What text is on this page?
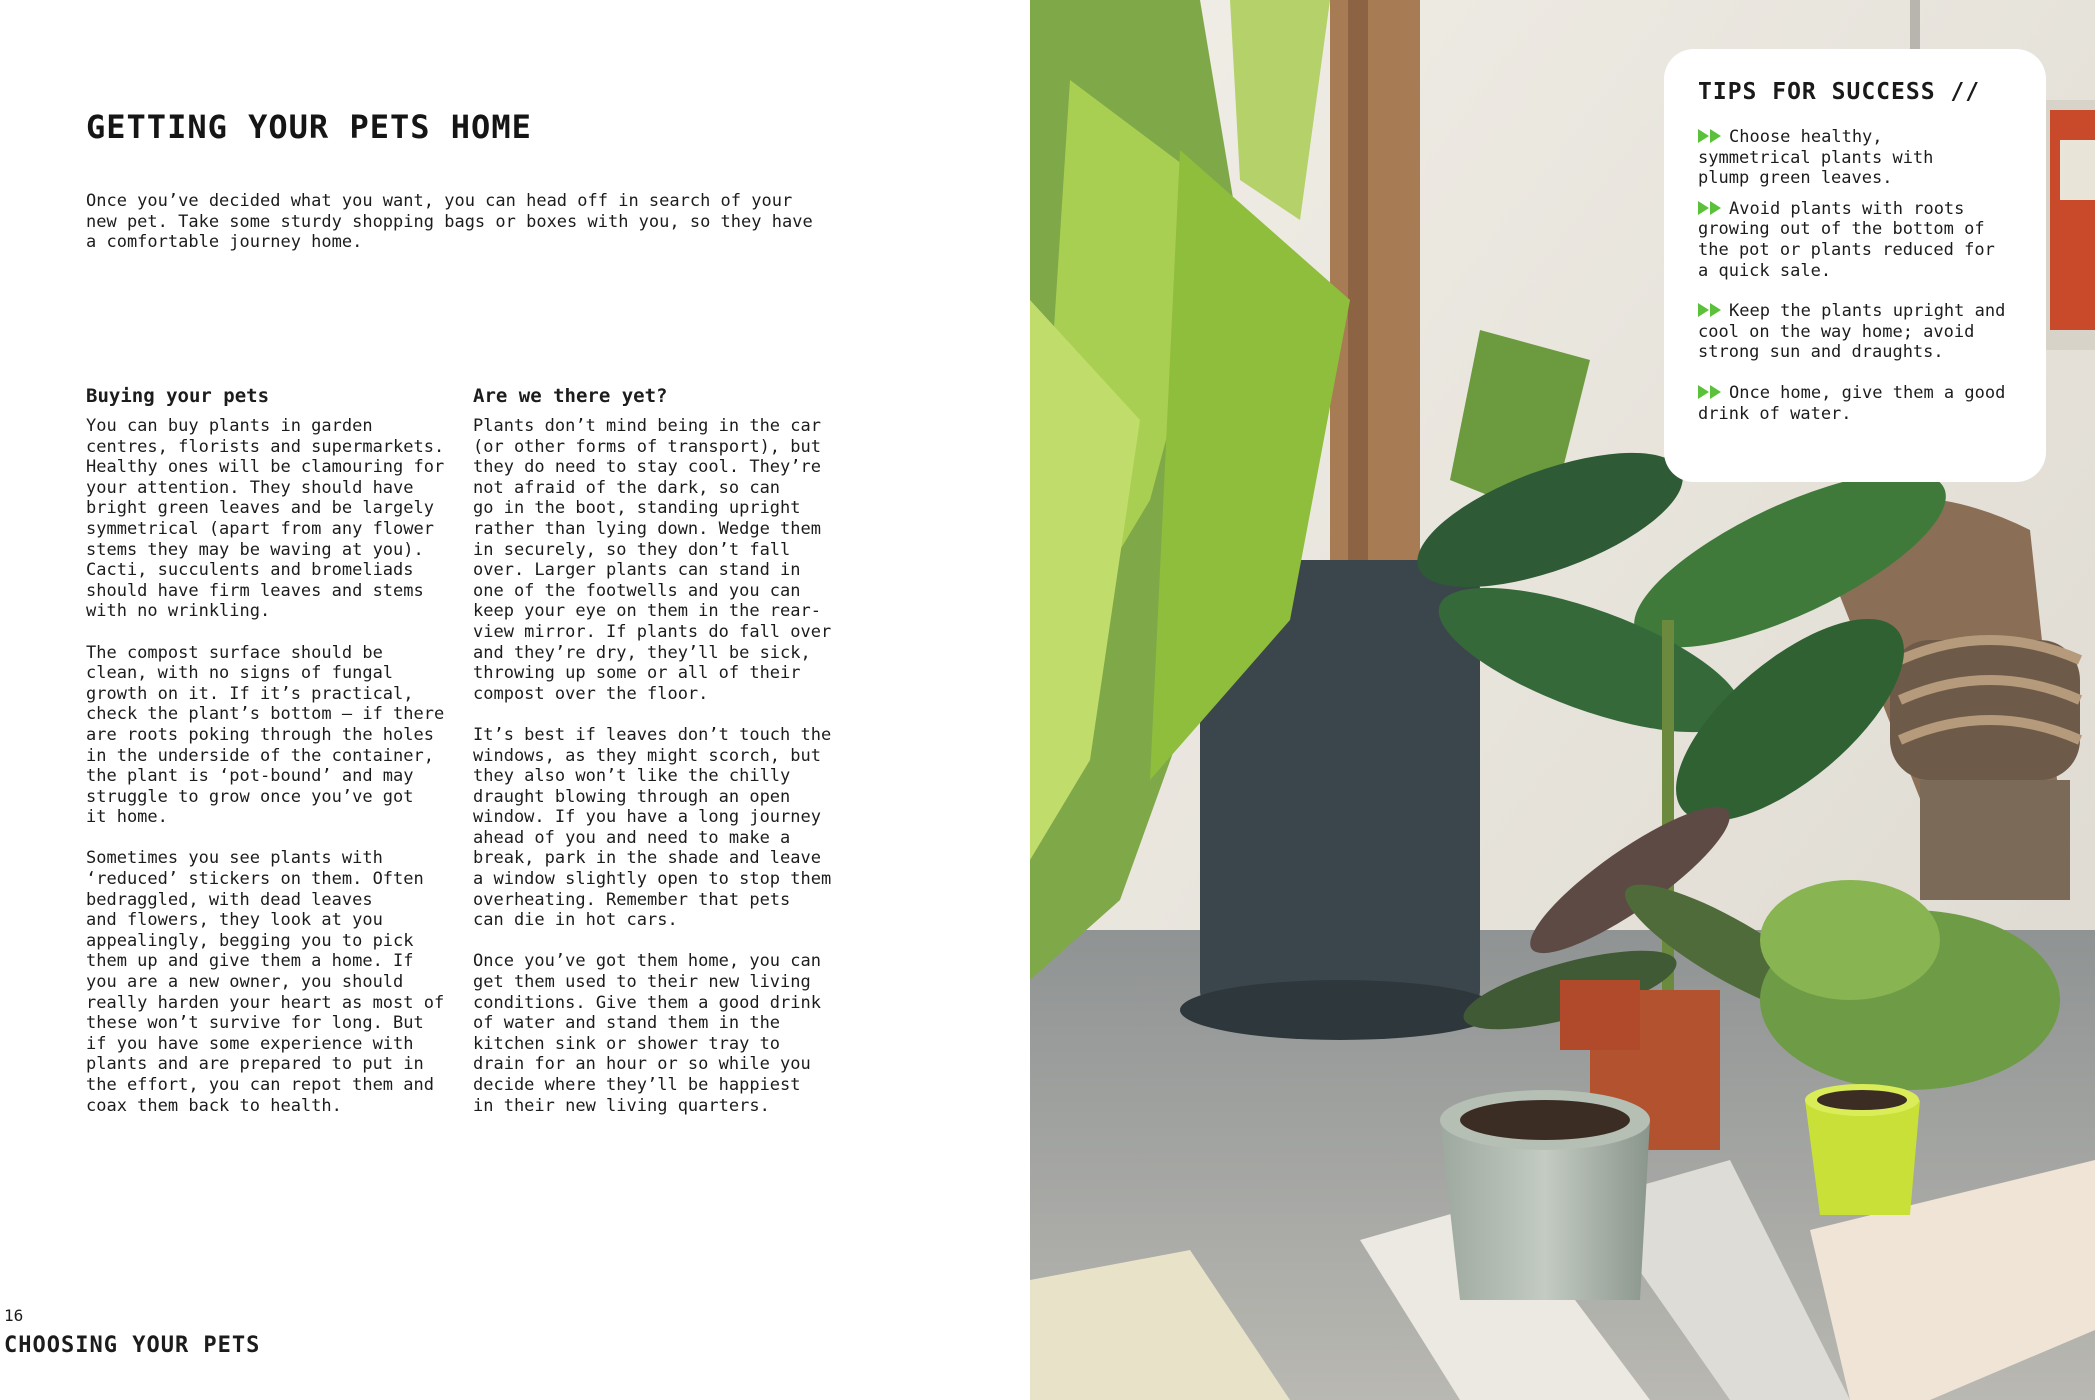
GETTING YOUR PETS HOME

Once you’ve decided what you want, you can head off in search of your
new pet. Take some sturdy shopping bags or boxes with you, so they have
a comfortable journey home.

Buying your pets

You can buy plants in garden
centres, florists and supermarkets.
Healthy ones will be clamouring for
your attention. They should have
bright green leaves and be largely
symmetrical (apart from any flower
stems they may be waving at you).
Cacti, succulents and bromeliads
should have firm leaves and stems
with no wrinkling.

The compost surface should be
clean, with no signs of fungal
growth on it. If it’s practical,
check the plant’s bottom – if there
are roots poking through the holes
in the underside of the container,
the plant is ‘pot-bound’ and may
struggle to grow once you’ve got
it home.

Sometimes you see plants with
‘reduced’ stickers on them. Often
bedraggled, with dead leaves
and flowers, they look at you
appealingly, begging you to pick
them up and give them a home. If
you are a new owner, you should
really harden your heart as most of
these won’t survive for long. But
if you have some experience with
plants and are prepared to put in
the effort, you can repot them and
coax them back to health.

Are we there yet?

Plants don’t mind being in the car
(or other forms of transport), but
they do need to stay cool. They’re
not afraid of the dark, so can
go in the boot, standing upright
rather than lying down. Wedge them
in securely, so they don’t fall
over. Larger plants can stand in
one of the footwells and you can
keep your eye on them in the rear-
view mirror. If plants do fall over
and they’re dry, they’ll be sick,
throwing up some or all of their
compost over the floor.

It’s best if leaves don’t touch the
windows, as they might scorch, but
they also won’t like the chilly
draught blowing through an open
window. If you have a long journey
ahead of you and need to make a
break, park in the shade and leave
a window slightly open to stop them
overheating. Remember that pets
can die in hot cars.

Once you’ve got them home, you can
get them used to their new living
conditions. Give them a good drink
of water and stand them in the
kitchen sink or shower tray to
drain for an hour or so while you
decide where they’ll be happiest
in their new living quarters.

16
CHOOSING YOUR PETS
TIPS FOR SUCCESS //
Choose healthy,
symmetrical plants with
plump green leaves.
Avoid plants with roots
growing out of the bottom of
the pot or plants reduced for
a quick sale.
Keep the plants upright and
cool on the way home; avoid
strong sun and draughts.
Once home, give them a good
drink of water.
